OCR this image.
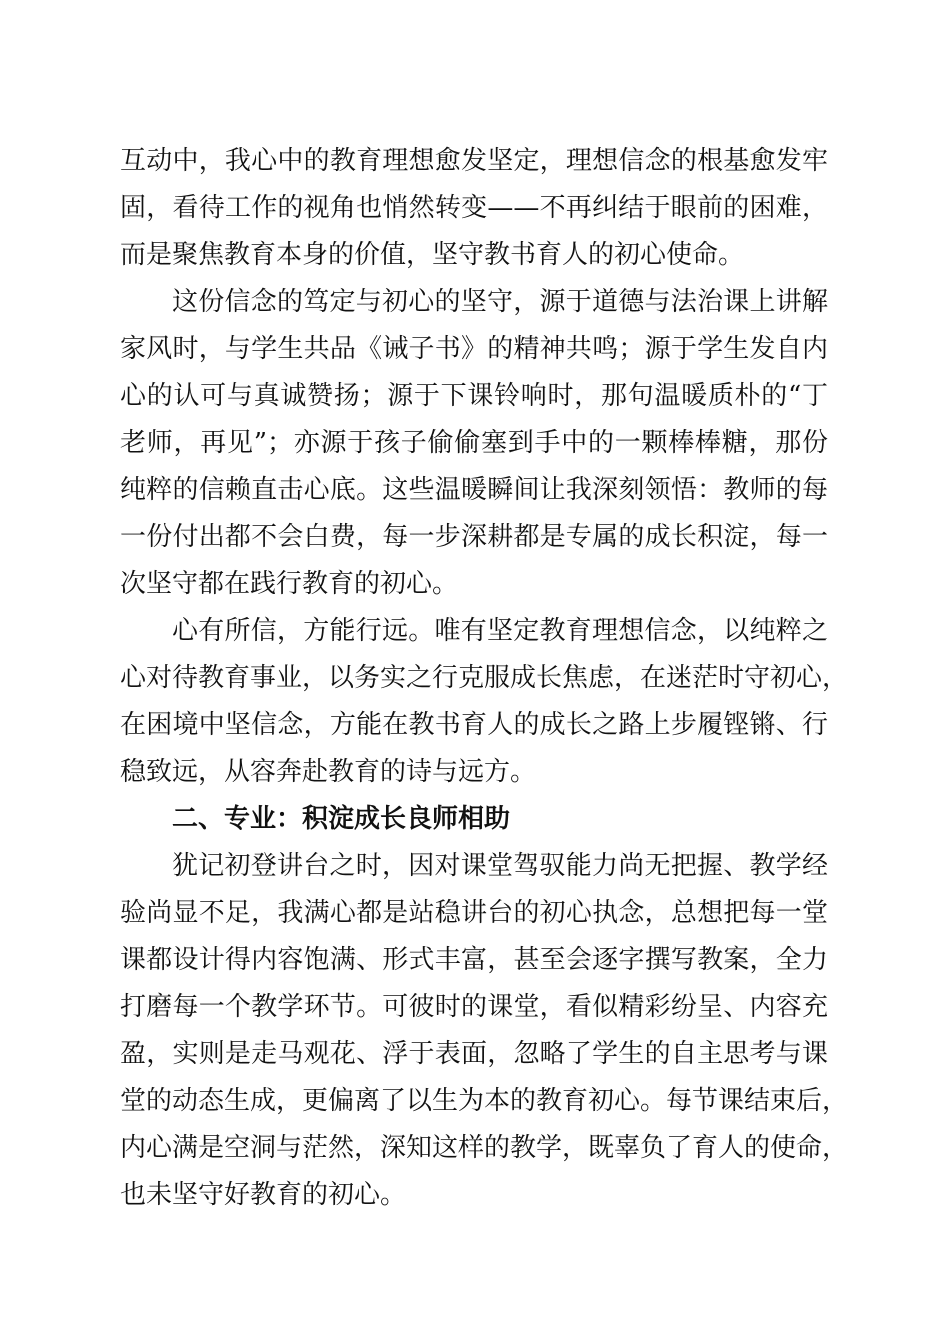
互动中，我心中的教育理想愈发坚定，理想信念的根基愈发牢
固，看待工作的视角也悄然转变——不再纠结于眼前的困难，
而是聚焦教育本身的价值，坚守教书育人的初心使命。
这份信念的笃定与初心的坚守，源于道德与法治课上讲解
家风时，与学生共品《诫子书》的精神共鸣；源于学生发自内
心的认可与真诚赞扬；源于下课铃响时，那句温暖质朴的“丁
老师，再见”；亦源于孩子偷偷塞到手中的一颗棒棒糖，那份
纯粹的信赖直击心底。这些温暖瞬间让我深刻领悟：教师的每
一份付出都不会白费，每一步深耕都是专属的成长积淀，每一
次坚守都在践行教育的初心。
心有所信，方能行远。唯有坚定教育理想信念，以纯粹之
心对待教育事业，以务实之行克服成长焦虑，在迷茫时守初心，
在困境中坚信念，方能在教书育人的成长之路上步履铿锵、行
稳致远，从容奔赴教育的诗与远方。
二、专业：积淀成长良师相助
犹记初登讲台之时，因对课堂驾驭能力尚无把握、教学经
验尚显不足，我满心都是站稳讲台的初心执念，总想把每一堂
课都设计得内容饱满、形式丰富，甚至会逐字撰写教案，全力
打磨每一个教学环节。可彼时的课堂，看似精彩纷呈、内容充
盈，实则是走马观花、浮于表面，忽略了学生的自主思考与课
堂的动态生成，更偏离了以生为本的教育初心。每节课结束后，
内心满是空洞与茫然，深知这样的教学，既辜负了育人的使命，
也未坚守好教育的初心。
